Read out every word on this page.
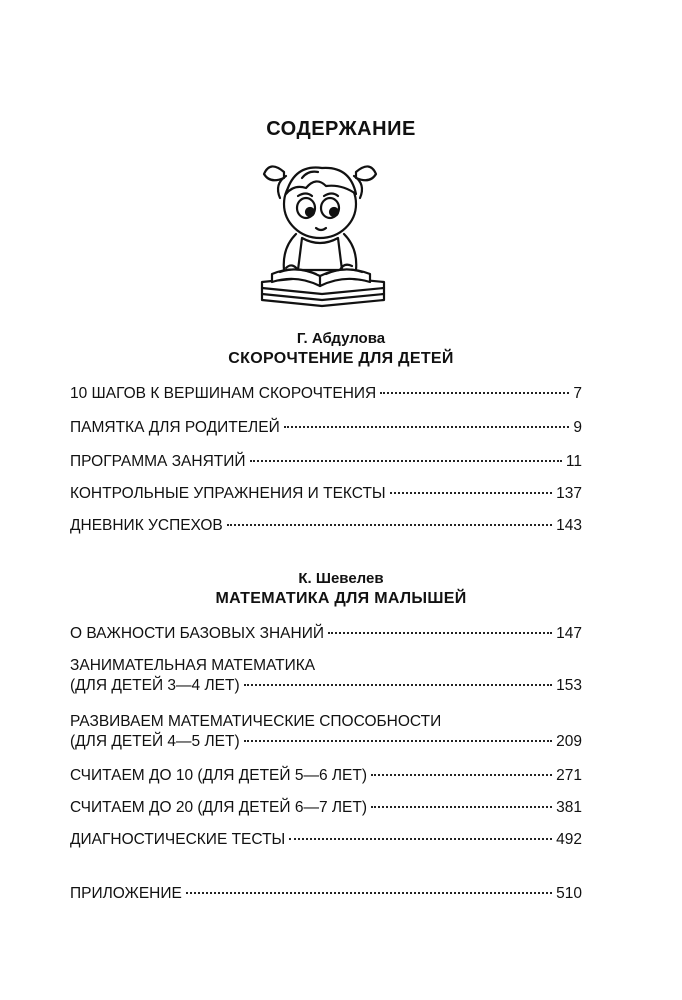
СОДЕРЖАНИЕ
Г. Абдулова
СКОРОЧТЕНИЕ ДЛЯ ДЕТЕЙ
10 ШАГОВ К ВЕРШИНАМ СКОРОЧТЕНИЯ	7
ПАМЯТКА ДЛЯ РОДИТЕЛЕЙ	9
ПРОГРАММА ЗАНЯТИЙ	11
КОНТРОЛЬНЫЕ УПРАЖНЕНИЯ И ТЕКСТЫ	137
ДНЕВНИК УСПЕХОВ	143
К. Шевелев
МАТЕМАТИКА ДЛЯ МАЛЫШЕЙ
О ВАЖНОСТИ БАЗОВЫХ ЗНАНИЙ	147
ЗАНИМАТЕЛЬНАЯ МАТЕМАТИКА
(ДЛЯ ДЕТЕЙ 3—4 ЛЕТ)	153
РАЗВИВАЕМ МАТЕМАТИЧЕСКИЕ СПОСОБНОСТИ
(ДЛЯ ДЕТЕЙ 4—5 ЛЕТ)	209
СЧИТАЕМ ДО 10 (ДЛЯ ДЕТЕЙ 5—6 ЛЕТ)	271
СЧИТАЕМ ДО 20 (ДЛЯ ДЕТЕЙ 6—7 ЛЕТ)	381
ДИАГНОСТИЧЕСКИЕ ТЕСТЫ	492
ПРИЛОЖЕНИЕ	510
